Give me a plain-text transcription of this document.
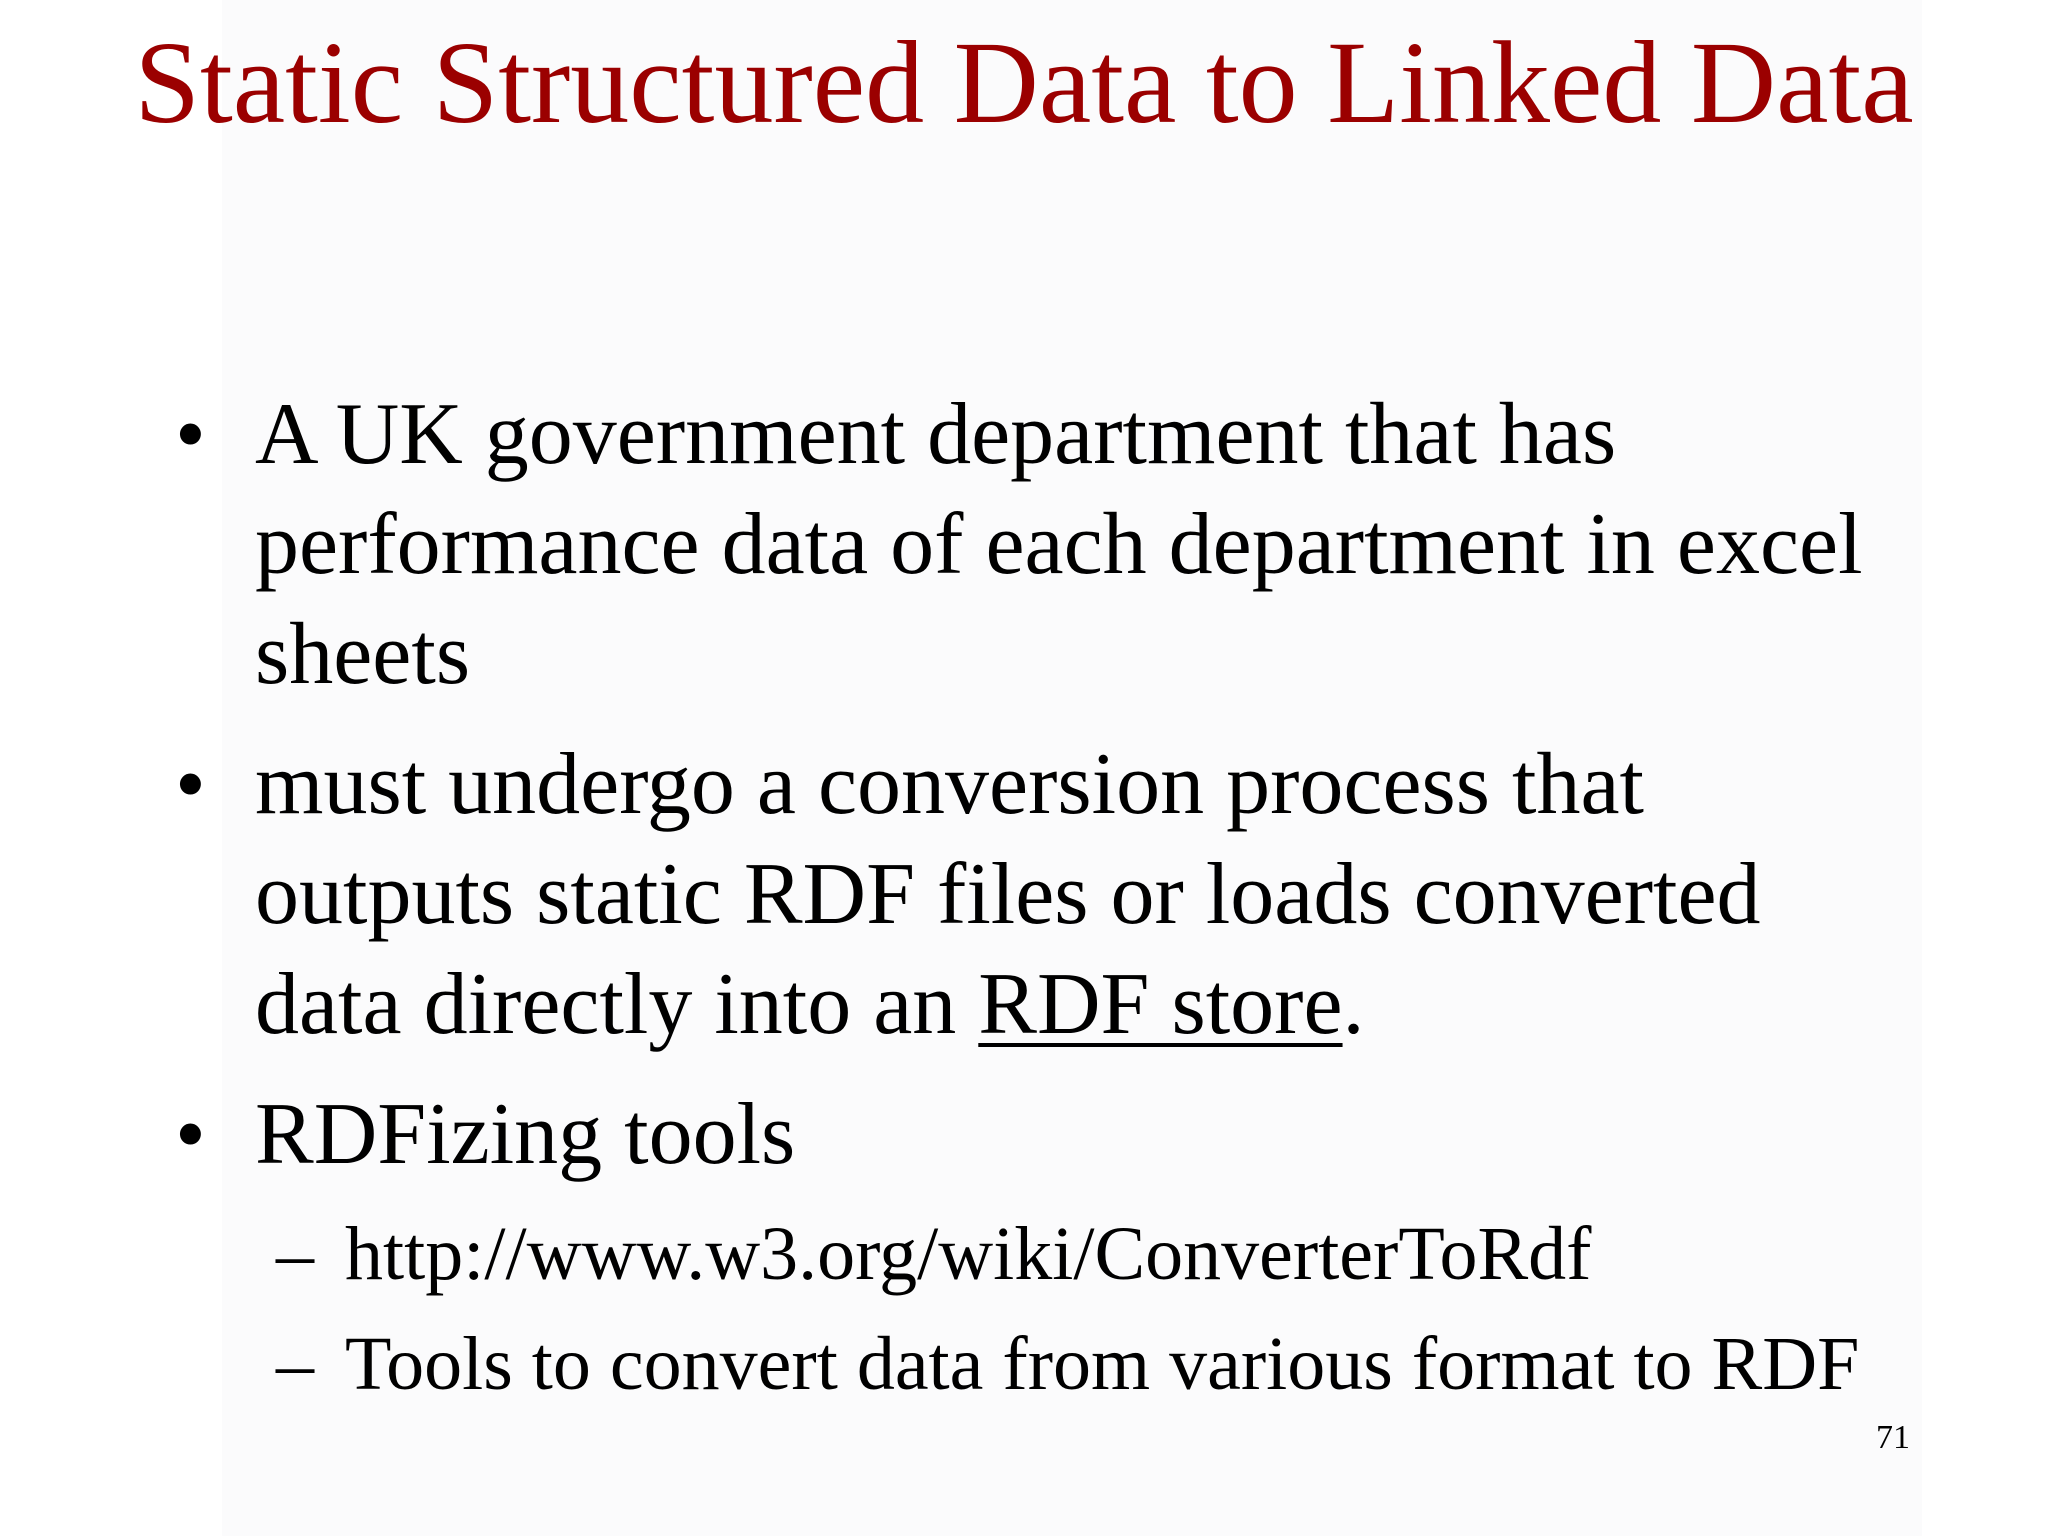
Static Structured Data to Linked Data
• A UK government department that has performance data of each department in excel sheets
• must undergo a conversion process that outputs static RDF files or loads converted data directly into an RDF store.
• RDFizing tools
– http://www.w3.org/wiki/ConverterToRdf
– Tools to convert data from various format to RDF
71
